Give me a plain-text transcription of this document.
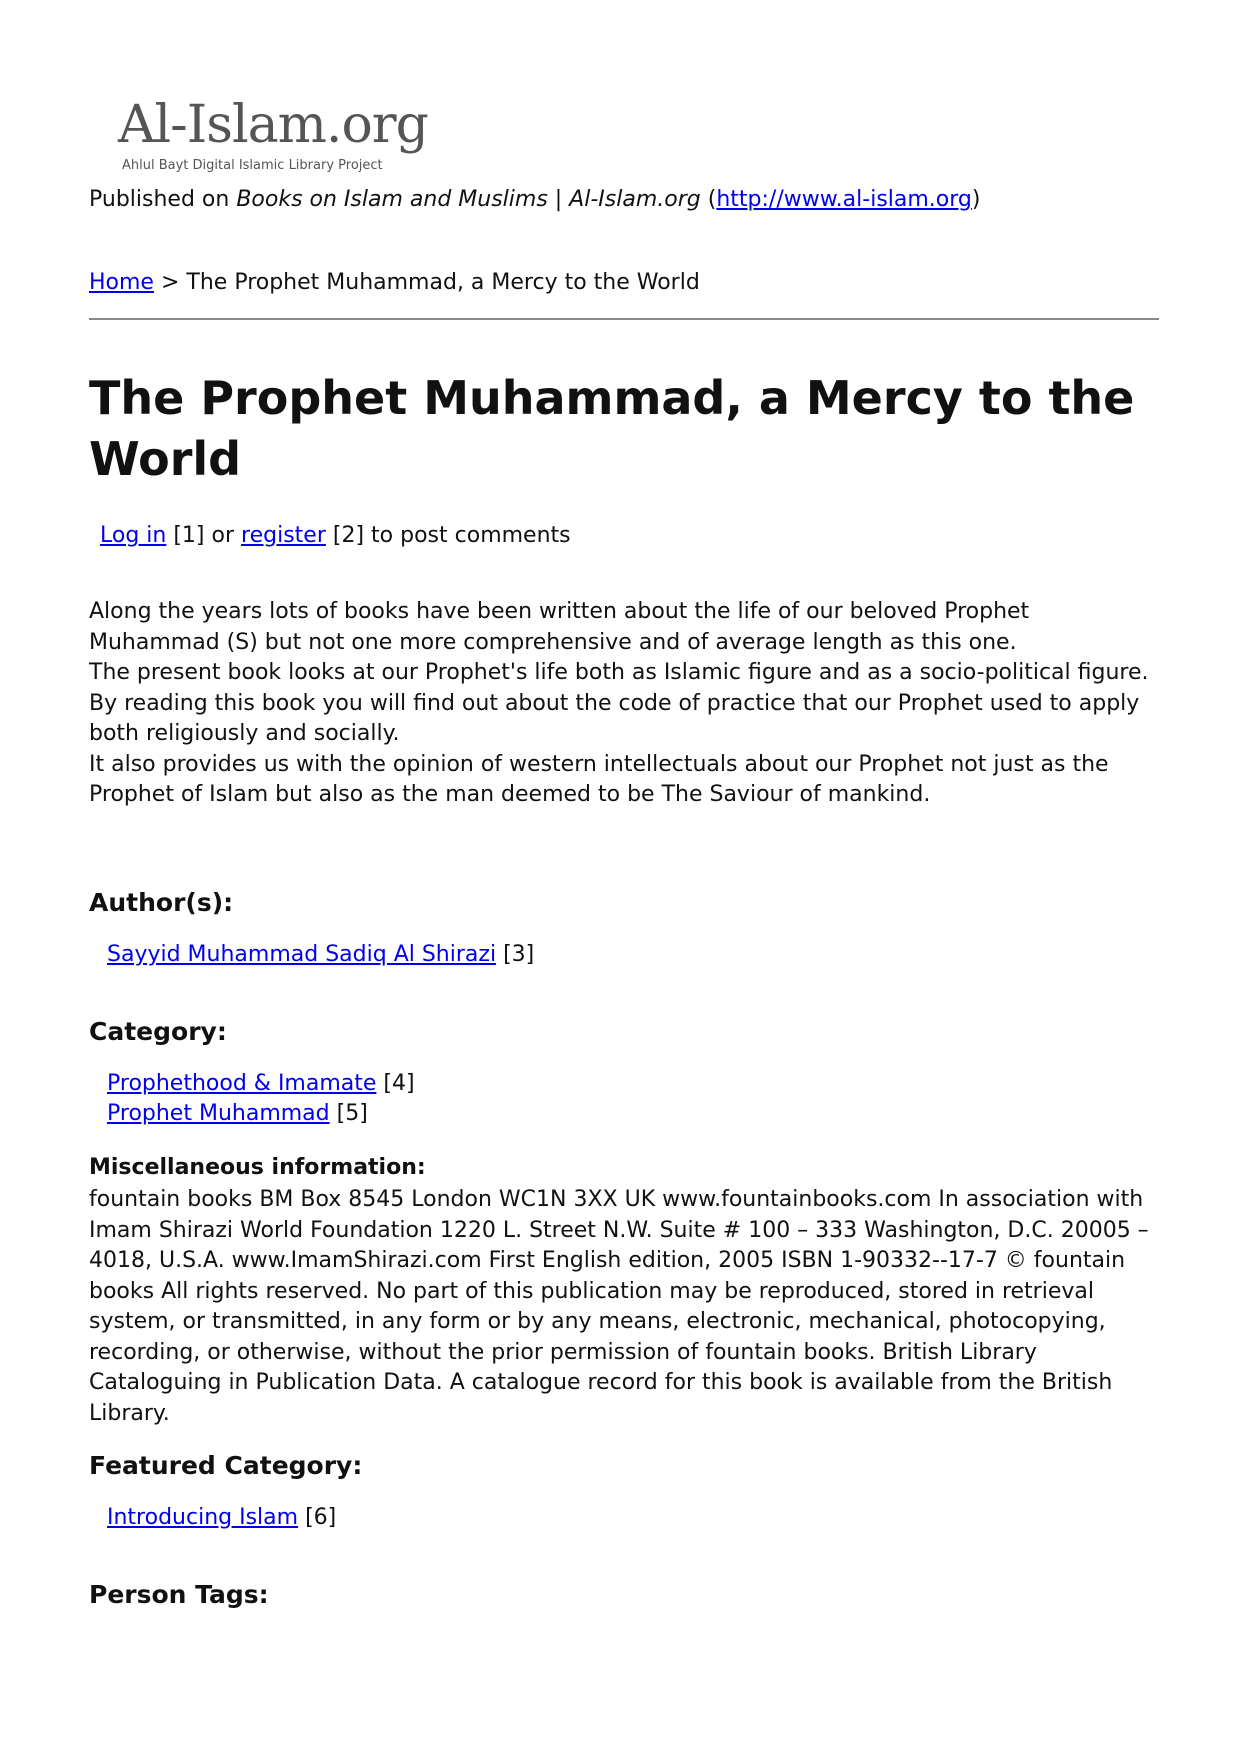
Al-Islam.org
Ahlul Bayt Digital Islamic Library Project
Published on Books on Islam and Muslims | Al-Islam.org (http://www.al-islam.org)
Home > The Prophet Muhammad, a Mercy to the World
The Prophet Muhammad, a Mercy to the World
Log in [1] or register [2] to post comments

Along the years lots of books have been written about the life of our beloved Prophet Muhammad (S) but not one more comprehensive and of average length as this one.

The present book looks at our Prophet's life both as Islamic figure and as a socio-political figure.

By reading this book you will find out about the code of practice that our Prophet used to apply both religiously and socially.

It also provides us with the opinion of western intellectuals about our Prophet not just as the Prophet of Islam but also as the man deemed to be The Saviour of mankind.

Author(s):
Sayyid Muhammad Sadiq Al Shirazi [3]
Category:
Prophethood & Imamate [4]
Prophet Muhammad [5]
Miscellaneous information:
fountain books BM Box 8545 London WC1N 3XX UK www.fountainbooks.com In association with Imam Shirazi World Foundation 1220 L. Street N.W. Suite # 100 – 333 Washington, D.C. 20005 – 4018, U.S.A. www.ImamShirazi.com First English edition, 2005 ISBN 1-90332--17-7 © fountain books All rights reserved. No part of this publication may be reproduced, stored in retrieval system, or transmitted, in any form or by any means, electronic, mechanical, photocopying, recording, or otherwise, without the prior permission of fountain books. British Library Cataloguing in Publication Data. A catalogue record for this book is available from the British Library.
Featured Category:
Introducing Islam [6]
Person Tags:
